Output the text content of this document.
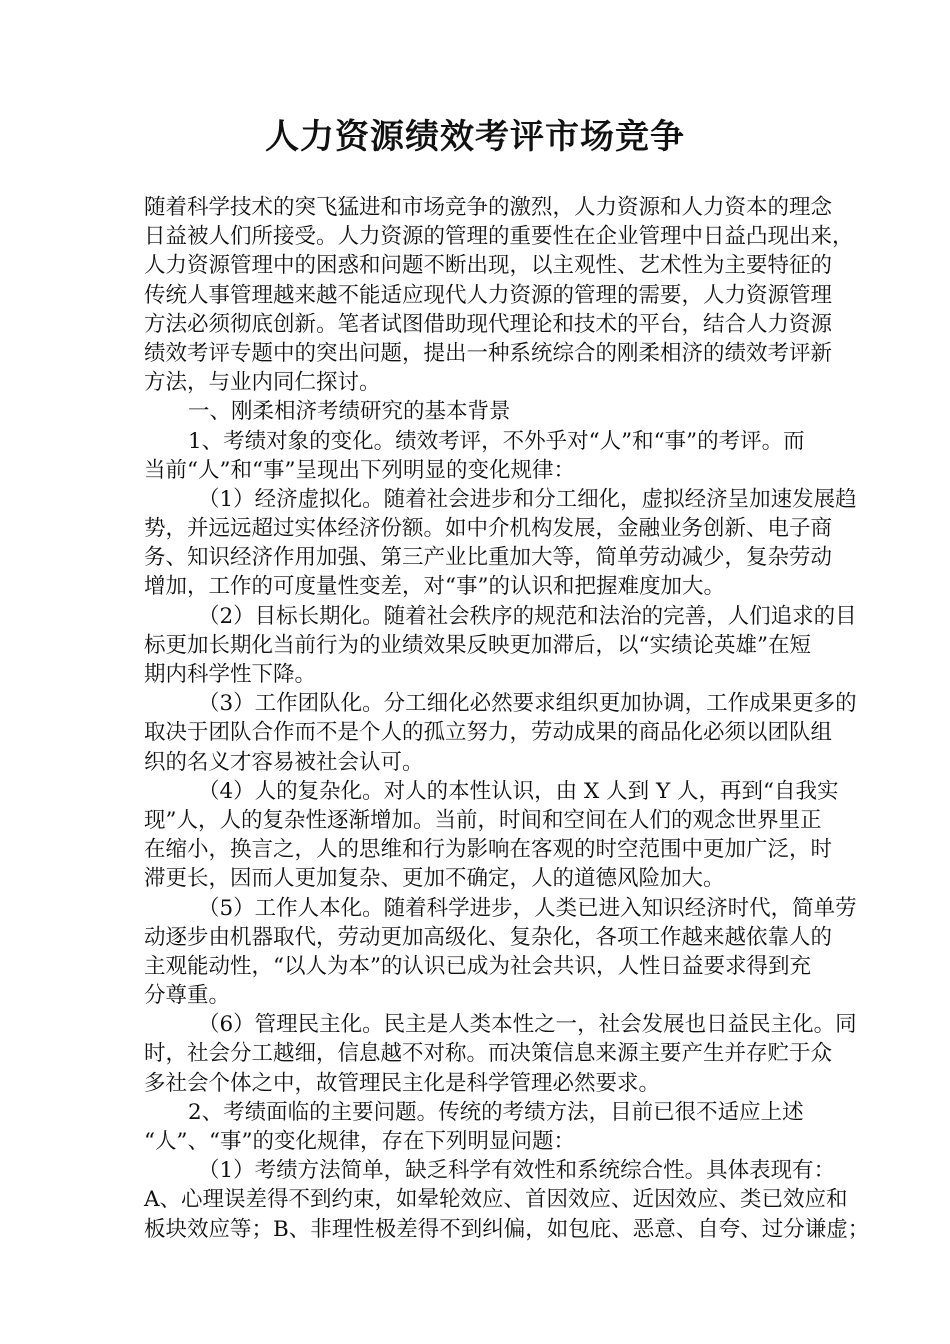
人力资源绩效考评市场竞争
随着科学技术的突飞猛进和市场竞争的激烈，人力资源和人力资本的理念
日益被人们所接受。人力资源的管理的重要性在企业管理中日益凸现出来，
人力资源管理中的困惑和问题不断出现，以主观性、艺术性为主要特征的
传统人事管理越来越不能适应现代人力资源的管理的需要，人力资源管理
方法必须彻底创新。笔者试图借助现代理论和技术的平台，结合人力资源
绩效考评专题中的突出问题，提出一种系统综合的刚柔相济的绩效考评新
方法，与业内同仁探讨。
一、刚柔相济考绩研究的基本背景
1、考绩对象的变化。绩效考评，不外乎对“人”和“事”的考评。而
当前“人”和“事”呈现出下列明显的变化规律：
（1）经济虚拟化。随着社会进步和分工细化，虚拟经济呈加速发展趋
势，并远远超过实体经济份额。如中介机构发展，金融业务创新、电子商
务、知识经济作用加强、第三产业比重加大等，简单劳动减少，复杂劳动
增加，工作的可度量性变差，对“事”的认识和把握难度加大。
（2）目标长期化。随着社会秩序的规范和法治的完善，人们追求的目
标更加长期化当前行为的业绩效果反映更加滞后，以“实绩论英雄”在短
期内科学性下降。
（3）工作团队化。分工细化必然要求组织更加协调，工作成果更多的
取决于团队合作而不是个人的孤立努力，劳动成果的商品化必须以团队组
织的名义才容易被社会认可。
（4）人的复杂化。对人的本性认识，由 X 人到 Y 人，再到“自我实
现”人，人的复杂性逐渐增加。当前，时间和空间在人们的观念世界里正
在缩小，换言之，人的思维和行为影响在客观的时空范围中更加广泛，时
滞更长，因而人更加复杂、更加不确定，人的道德风险加大。
（5）工作人本化。随着科学进步，人类已进入知识经济时代，简单劳
动逐步由机器取代，劳动更加高级化、复杂化，各项工作越来越依靠人的
主观能动性，“以人为本”的认识已成为社会共识，人性日益要求得到充
分尊重。
（6）管理民主化。民主是人类本性之一，社会发展也日益民主化。同
时，社会分工越细，信息越不对称。而决策信息来源主要产生并存贮于众
多社会个体之中，故管理民主化是科学管理必然要求。
2、考绩面临的主要问题。传统的考绩方法，目前已很不适应上述
“人”、“事”的变化规律，存在下列明显问题：
（1）考绩方法简单，缺乏科学有效性和系统综合性。具体表现有：
A、心理误差得不到约束，如晕轮效应、首因效应、近因效应、类已效应和
板块效应等；B、非理性极差得不到纠偏，如包庇、恶意、自夸、过分谦虚；
